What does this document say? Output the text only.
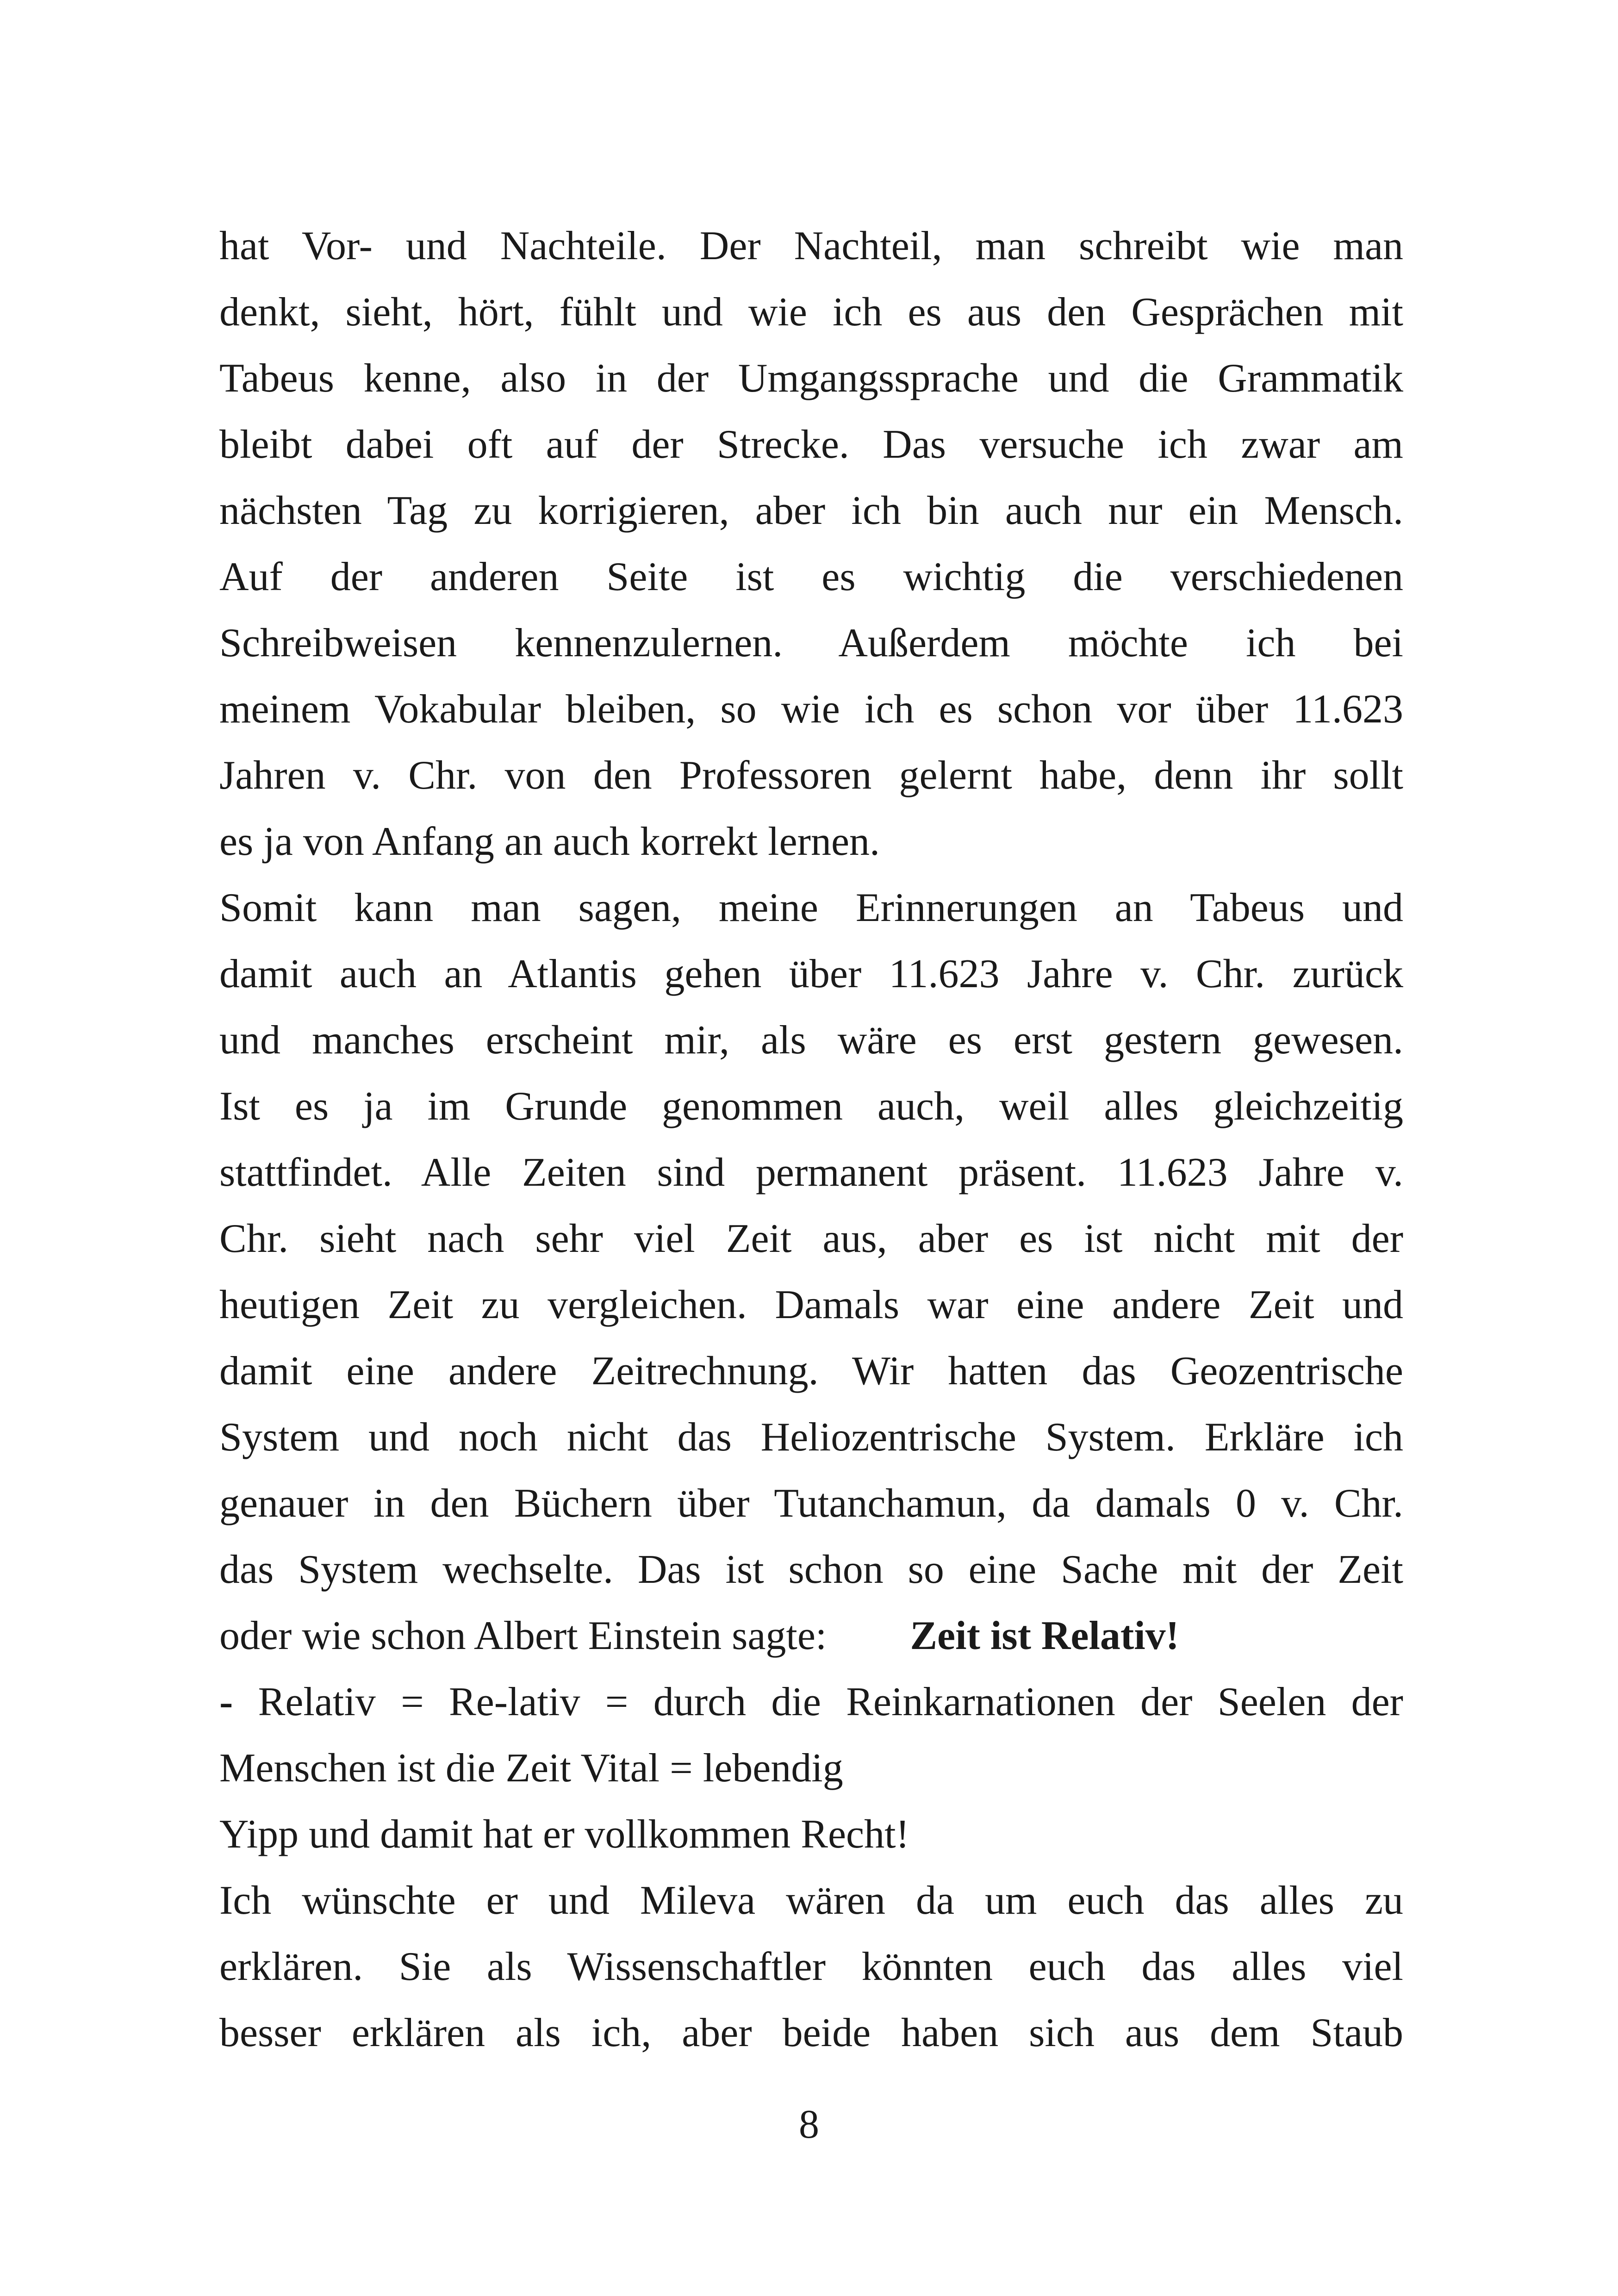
hat Vor- und Nachteile. Der Nachteil, man schreibt wie man
denkt, sieht, hört, fühlt und wie ich es aus den Gesprächen mit
Tabeus kenne, also in der Umgangssprache und die Grammatik
bleibt dabei oft auf der Strecke. Das versuche ich zwar am
nächsten Tag zu korrigieren, aber ich bin auch nur ein Mensch.
Auf der anderen Seite ist es wichtig die verschiedenen
Schreibweisen kennenzulernen. Außerdem möchte ich bei
meinem Vokabular bleiben, so wie ich es schon vor über 11.623
Jahren v. Chr. von den Professoren gelernt habe, denn ihr sollt
es ja von Anfang an auch korrekt lernen.
Somit kann man sagen, meine Erinnerungen an Tabeus und
damit auch an Atlantis gehen über 11.623 Jahre v. Chr. zurück
und manches erscheint mir, als wäre es erst gestern gewesen.
Ist es ja im Grunde genommen auch, weil alles gleichzeitig
stattfindet. Alle Zeiten sind permanent präsent. 11.623 Jahre v.
Chr. sieht nach sehr viel Zeit aus, aber es ist nicht mit der
heutigen Zeit zu vergleichen. Damals war eine andere Zeit und
damit eine andere Zeitrechnung. Wir hatten das Geozentrische
System und noch nicht das Heliozentrische System. Erkläre ich
genauer in den Büchern über Tutanchamun, da damals 0 v. Chr.
das System wechselte. Das ist schon so eine Sache mit der Zeit
oder wie schon Albert Einstein sagte: Zeit ist Relativ!
- Relativ = Re-lativ = durch die Reinkarnationen der Seelen der
Menschen ist die Zeit Vital = lebendig
Yipp und damit hat er vollkommen Recht!
Ich wünschte er und Mileva wären da um euch das alles zu
erklären. Sie als Wissenschaftler könnten euch das alles viel
besser erklären als ich, aber beide haben sich aus dem Staub
8
